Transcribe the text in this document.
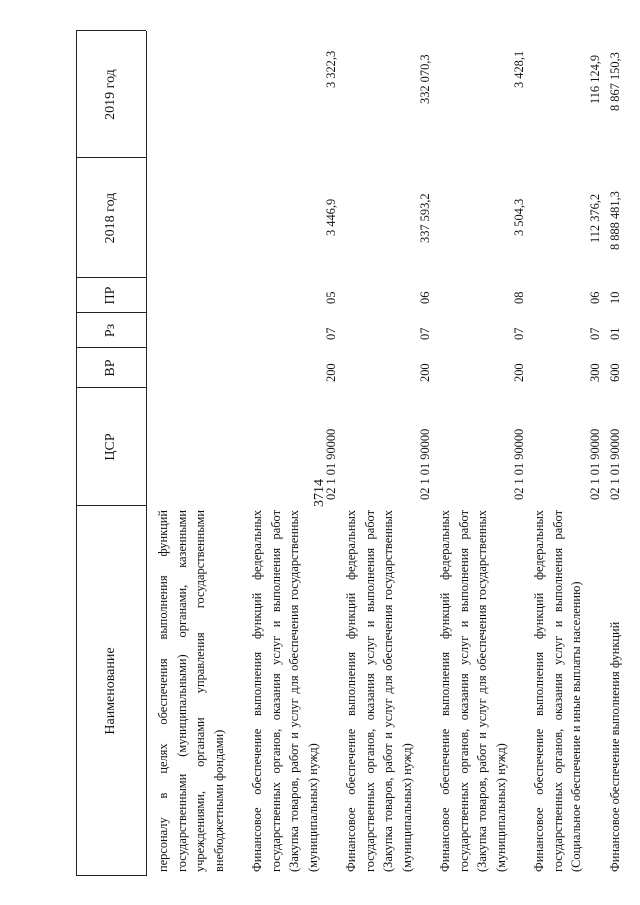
3714
Наименование
ЦСР
ВР
Рз
ПР
2018 год
2019 год
персоналу в целях обеспечения выполнения функций государственными (муниципальными) органами, казенными учреждениями, органами управления государственными внебюджетными фондами) Финансовое обеспечение выполнения функций федеральных государственных органов, оказания услуг и выполнения работ (Закупка товаров, работ и услуг для обеспечения государственных (муниципальных) нужд)
02 1 01 90000
200
07
05
3 446,9
3 322,3
Финансовое обеспечение выполнения функций федеральных государственных органов, оказания услуг и выполнения работ (Закупка товаров, работ и услуг для обеспечения государственных (муниципальных) нужд)
02 1 01 90000
200
07
06
337 593,2
332 070,3
Финансовое обеспечение выполнения функций федеральных государственных органов, оказания услуг и выполнения работ (Закупка товаров, работ и услуг для обеспечения государственных (муниципальных) нужд)
02 1 01 90000
200
07
08
3 504,3
3 428,1
Финансовое обеспечение выполнения функций федеральных государственных органов, оказания услуг и выполнения работ (Социальное обеспечение и иные выплаты населению)
02 1 01 90000
300
07
06
112 376,2
116 124,9
Финансовое обеспечение выполнения функций
02 1 01 90000
600
01
10
8 888 481,3
8 867 150,3
